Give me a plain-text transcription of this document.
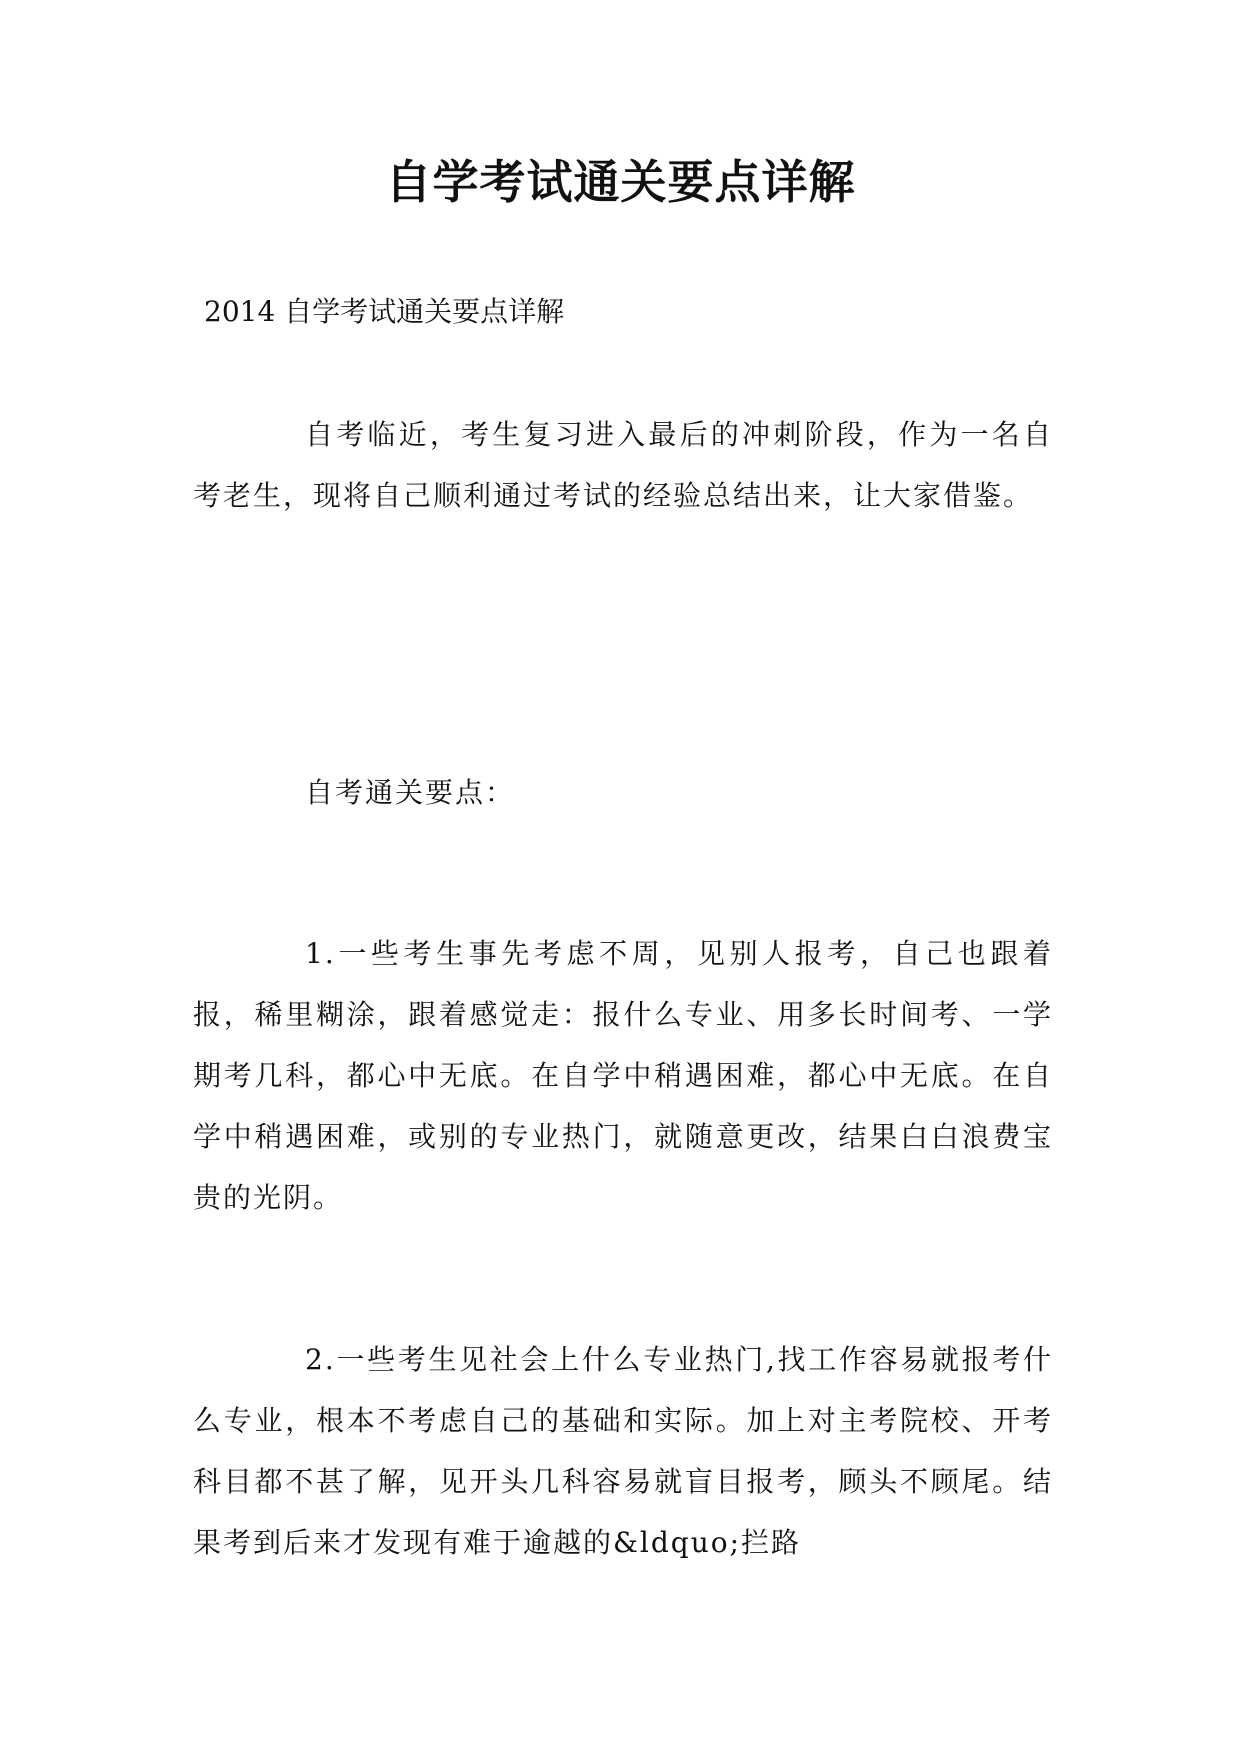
自学考试通关要点详解

2014 自学考试通关要点详解

自考临近，考生复习进入最后的冲刺阶段，作为一名自考老生，现将自己顺利通过考试的经验总结出来，让大家借鉴。

自考通关要点：

1.一些考生事先考虑不周，见别人报考，自己也跟着报，稀里糊涂，跟着感觉走：报什么专业、用多长时间考、一学期考几科，都心中无底。在自学中稍遇困难，都心中无底。在自学中稍遇困难，或别的专业热门，就随意更改，结果白白浪费宝贵的光阴。

2.一些考生见社会上什么专业热门,找工作容易就报考什么专业，根本不考虑自己的基础和实际。加上对主考院校、开考科目都不甚了解，见开头几科容易就盲目报考，顾头不顾尾。结果考到后来才发现有难于逾越的&ldquo;拦路
